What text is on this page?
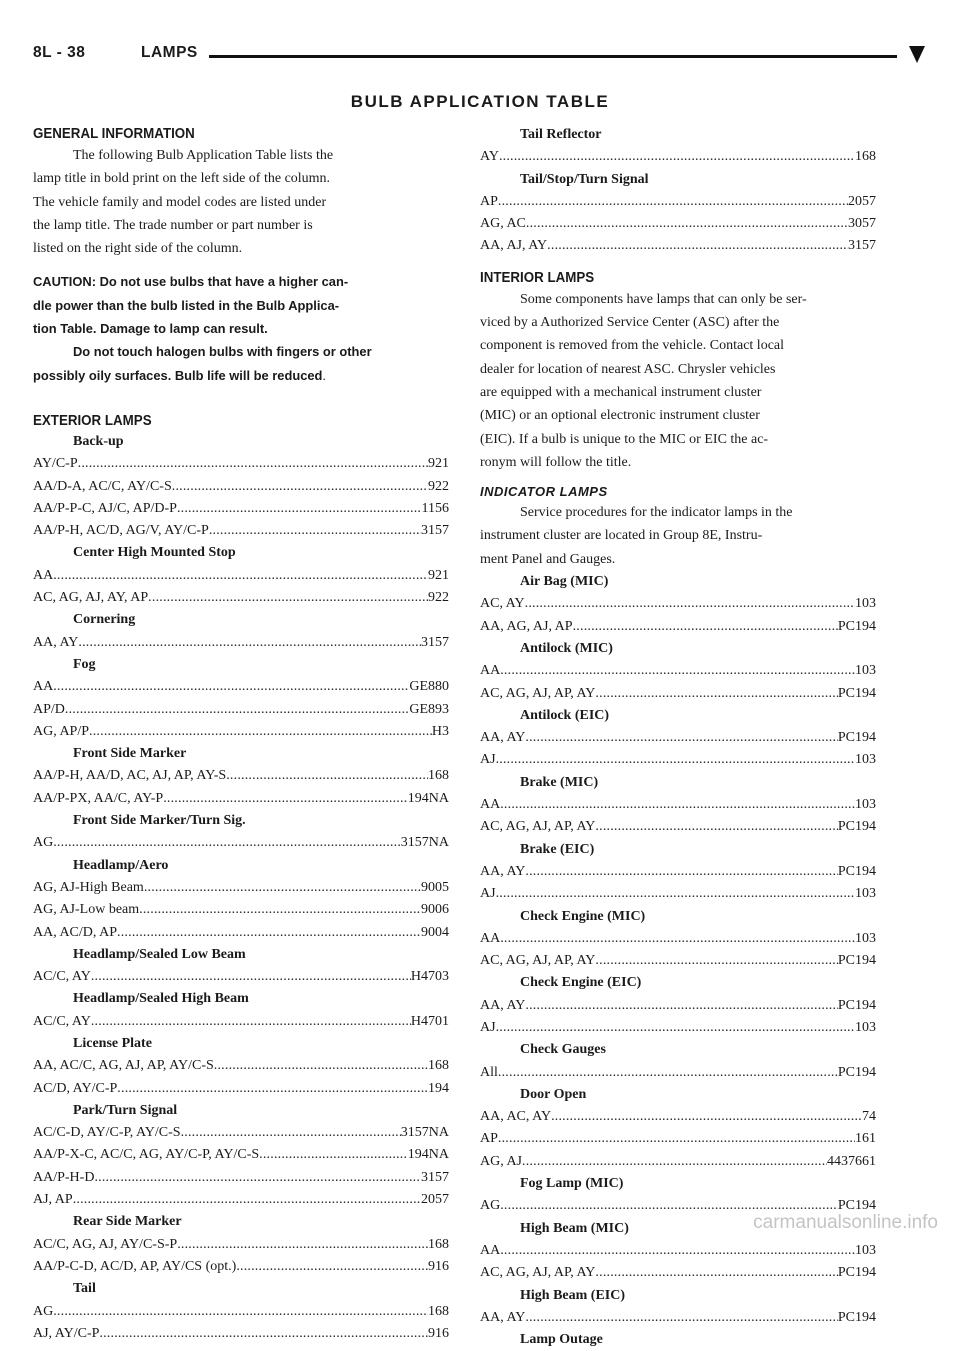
8L - 38	LAMPS
BULB APPLICATION TABLE
GENERAL INFORMATION
The following Bulb Application Table lists the
lamp title in bold print on the left side of the column.
The vehicle family and model codes are listed under
the lamp title. The trade number or part number is
listed on the right side of the column.
CAUTION: Do not use bulbs that have a higher can-
dle power than the bulb listed in the Bulb Applica-
tion Table. Damage to lamp can result.
Do not touch halogen bulbs with fingers or other
possibly oily surfaces. Bulb life will be reduced.
EXTERIOR LAMPS
Back-up
AY/C-P .....	921
AA/D-A, AC/C, AY/C-S .....	922
AA/P-P-C, AJ/C, AP/D-P .....	1156
AA/P-H, AC/D, AG/V, AY/C-P .....	3157
Center High Mounted Stop
AA .....	921
AC, AG, AJ, AY, AP .....	922
Cornering
AA, AY .....	3157
Fog
AA .....	GE880
AP/D .....	GE893
AG, AP/P .....	H3
Front Side Marker
AA/P-H, AA/D, AC, AJ, AP, AY-S .....	168
AA/P-PX, AA/C, AY-P .....	194NA
Front Side Marker/Turn Sig.
AG .....	3157NA
Headlamp/Aero
AG, AJ-High Beam .....	9005
AG, AJ-Low beam .....	9006
AA, AC/D, AP .....	9004
Headlamp/Sealed Low Beam
AC/C, AY .....	H4703
Headlamp/Sealed High Beam
AC/C, AY .....	H4701
License Plate
AA, AC/C, AG, AJ, AP, AY/C-S .....	168
AC/D, AY/C-P .....	194
Park/Turn Signal
AC/C-D, AY/C-P, AY/C-S .....	3157NA
AA/P-X-C, AC/C, AG, AY/C-P, AY/C-S .....	194NA
AA/P-H-D .....	3157
AJ, AP .....	2057
Rear Side Marker
AC/C, AG, AJ, AY/C-S-P .....	168
AA/P-C-D, AC/D, AP, AY/CS (opt.) .....	916
Tail
AG .....	168
AJ, AY/C-P .....	916
Tail Reflector
AY .....	168
Tail/Stop/Turn Signal
AP .....	2057
AG, AC .....	3057
AA, AJ, AY .....	3157
INTERIOR LAMPS
Some components have lamps that can only be ser-
viced by a Authorized Service Center (ASC) after the
component is removed from the vehicle. Contact local
dealer for location of nearest ASC. Chrysler vehicles
are equipped with a mechanical instrument cluster
(MIC) or an optional electronic instrument cluster
(EIC). If a bulb is unique to the MIC or EIC the ac-
ronym will follow the title.
INDICATOR LAMPS
Service procedures for the indicator lamps in the
instrument cluster are located in Group 8E, Instru-
ment Panel and Gauges.
Air Bag (MIC)
AC, AY .....	103
AA, AG, AJ, AP .....	PC194
Antilock (MIC)
AA .....	103
AC, AG, AJ, AP, AY .....	PC194
Antilock (EIC)
AA, AY .....	PC194
AJ .....	103
Brake (MIC)
AA .....	103
AC, AG, AJ, AP, AY .....	PC194
Brake (EIC)
AA, AY .....	PC194
AJ .....	103
Check Engine (MIC)
AA .....	103
AC, AG, AJ, AP, AY .....	PC194
Check Engine (EIC)
AA, AY .....	PC194
AJ .....	103
Check Gauges
All .....	PC194
Door Open
AA, AC, AY .....	74
AP .....	161
AG, AJ .....	4437661
Fog Lamp (MIC)
AG .....	PC194
High Beam (MIC)
AA .....	103
AC, AG, AJ, AP, AY .....	PC194
High Beam (EIC)
AA, AY .....	PC194
Lamp Outage
carmanualsonline.info
